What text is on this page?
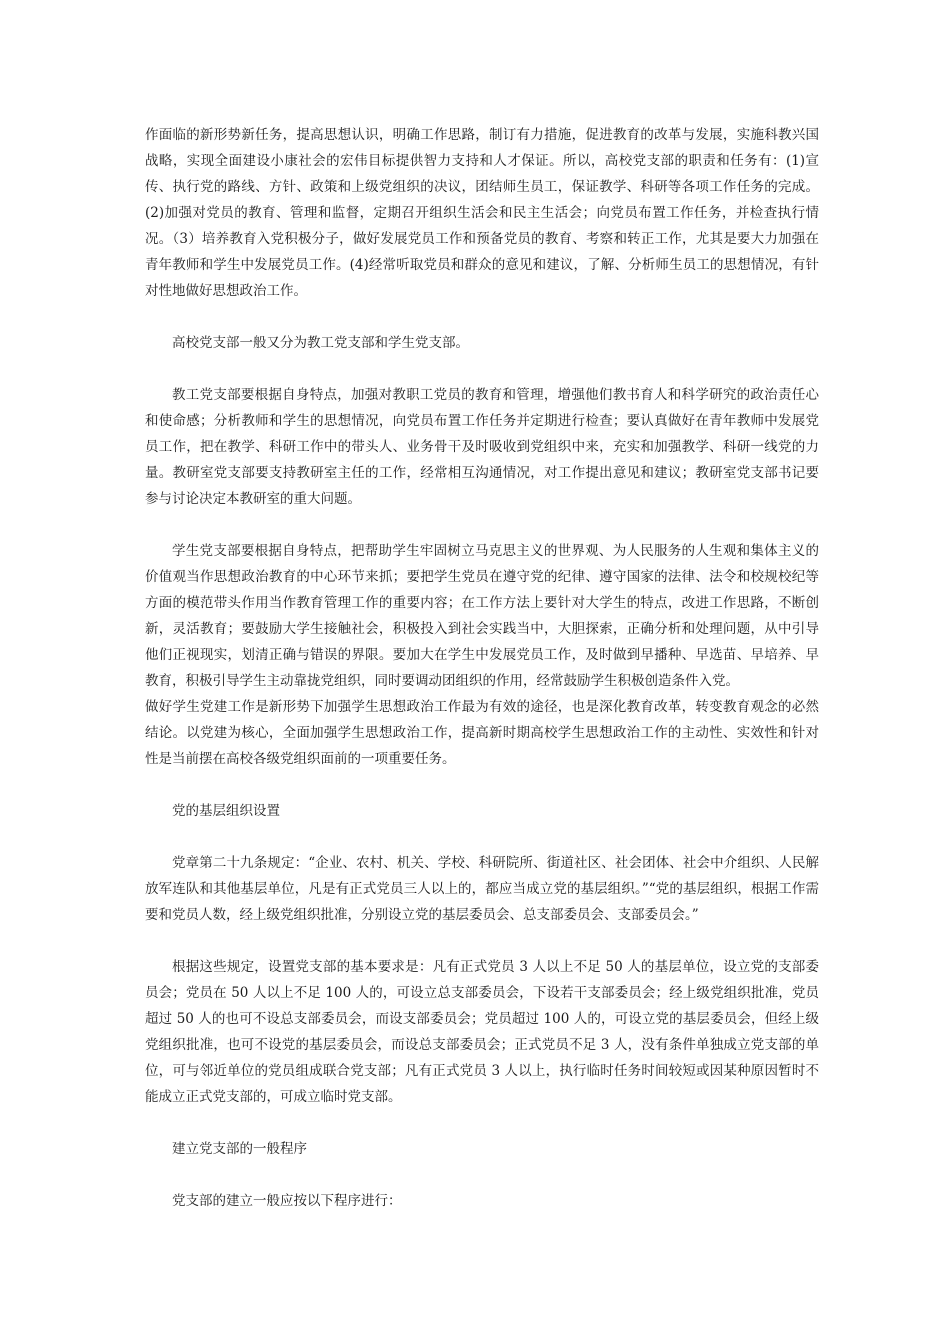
作面临的新形势新任务，提高思想认识，明确工作思路，制订有力措施，促进教育的改革与发展，实施科教兴国战略，实现全面建设小康社会的宏伟目标提供智力支持和人才保证。所以，高校党支部的职责和任务有：(1)宣传、执行党的路线、方针、政策和上级党组织的决议，团结师生员工，保证教学、科研等各项工作任务的完成。(2)加强对党员的教育、管理和监督，定期召开组织生活会和民主生活会；向党员布置工作任务，并检查执行情况。（3）培养教育入党积极分子，做好发展党员工作和预备党员的教育、考察和转正工作，尤其是要大力加强在青年教师和学生中发展党员工作。(4)经常听取党员和群众的意见和建议，了解、分析师生员工的思想情况，有针对性地做好思想政治工作。

高校党支部一般又分为教工党支部和学生党支部。

教工党支部要根据自身特点，加强对教职工党员的教育和管理，增强他们教书育人和科学研究的政治责任心和使命感；分析教师和学生的思想情况，向党员布置工作任务并定期进行检查；要认真做好在青年教师中发展党员工作，把在教学、科研工作中的带头人、业务骨干及时吸收到党组织中来，充实和加强教学、科研一线党的力量。教研室党支部要支持教研室主任的工作，经常相互沟通情况，对工作提出意见和建议；教研室党支部书记要参与讨论决定本教研室的重大问题。

学生党支部要根据自身特点，把帮助学生牢固树立马克思主义的世界观、为人民服务的人生观和集体主义的价值观当作思想政治教育的中心环节来抓；要把学生党员在遵守党的纪律、遵守国家的法律、法令和校规校纪等方面的模范带头作用当作教育管理工作的重要内容；在工作方法上要针对大学生的特点，改进工作思路，不断创新，灵活教育；要鼓励大学生接触社会，积极投入到社会实践当中，大胆探索，正确分析和处理问题，从中引导他们正视现实，划清正确与错误的界限。要加大在学生中发展党员工作，及时做到早播种、早选苗、早培养、早教育，积极引导学生主动靠拢党组织，同时要调动团组织的作用，经常鼓励学生积极创造条件入党。

做好学生党建工作是新形势下加强学生思想政治工作最为有效的途径，也是深化教育改革，转变教育观念的必然结论。以党建为核心，全面加强学生思想政治工作，提高新时期高校学生思想政治工作的主动性、实效性和针对性是当前摆在高校各级党组织面前的一项重要任务。

党的基层组织设置

党章第二十九条规定：“企业、农村、机关、学校、科研院所、街道社区、社会团体、社会中介组织、人民解放军连队和其他基层单位，凡是有正式党员三人以上的，都应当成立党的基层组织。”“党的基层组织，根据工作需要和党员人数，经上级党组织批准，分别设立党的基层委员会、总支部委员会、支部委员会。”

根据这些规定，设置党支部的基本要求是：凡有正式党员 3 人以上不足 50 人的基层单位，设立党的支部委员会；党员在 50 人以上不足 100 人的，可设立总支部委员会，下设若干支部委员会；经上级党组织批准，党员超过 50 人的也可不设总支部委员会，而设支部委员会；党员超过 100 人的，可设立党的基层委员会，但经上级党组织批准，也可不设党的基层委员会，而设总支部委员会；正式党员不足 3 人，没有条件单独成立党支部的单位，可与邻近单位的党员组成联合党支部；凡有正式党员 3 人以上，执行临时任务时间较短或因某种原因暂时不能成立正式党支部的，可成立临时党支部。

建立党支部的一般程序

党支部的建立一般应按以下程序进行：
